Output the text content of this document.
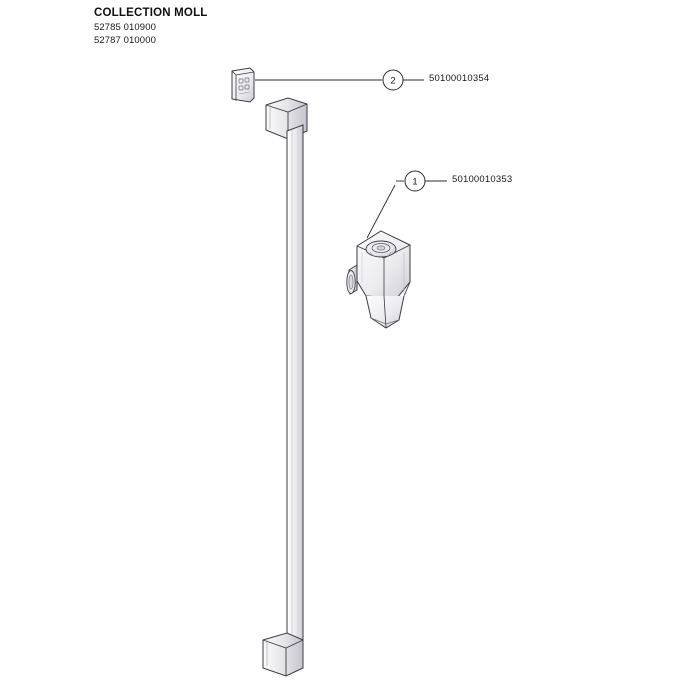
COLLECTION MOLL
52785 010900
52787 010000
1
2
50100010353
50100010354
